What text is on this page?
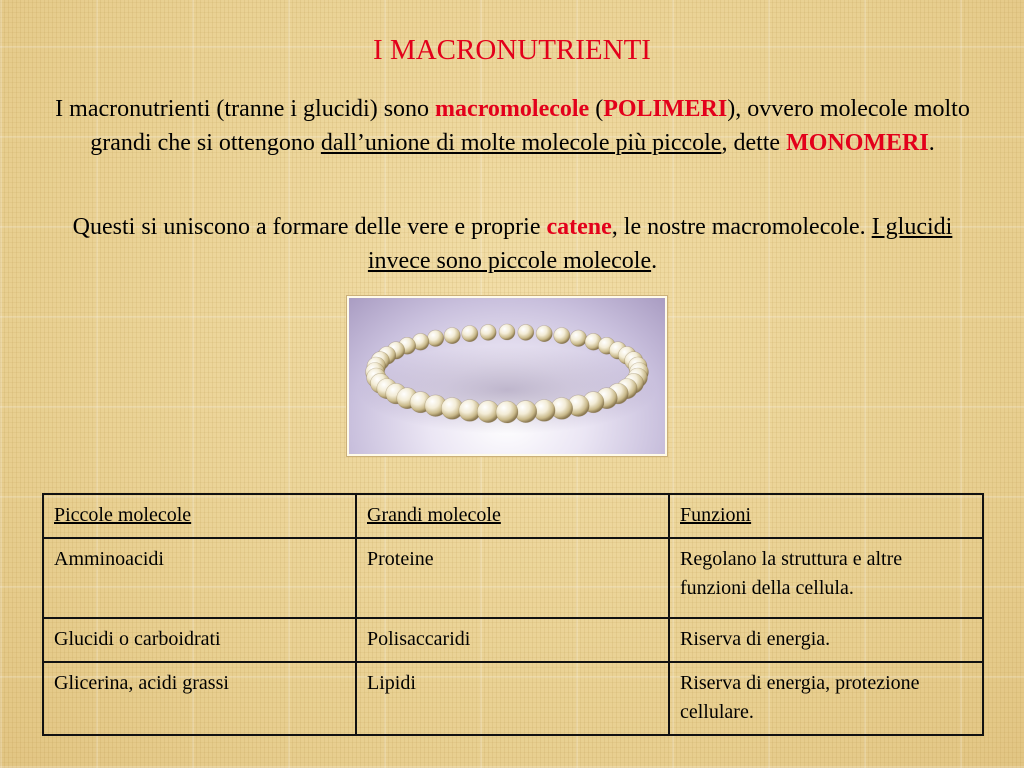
I MACRONUTRIENTI
I macronutrienti (tranne i glucidi) sono macromolecole (POLIMERI), ovvero molecole molto grandi che si ottengono dall’unione di molte molecole più piccole, dette MONOMERI.
Questi si uniscono a formare delle vere e proprie catene, le nostre macromolecole. I glucidi invece sono piccole molecole.
Piccole molecole	Grandi molecole	Funzioni
Amminoacidi	Proteine	Regolano la struttura e altre funzioni della cellula.
Glucidi o carboidrati	Polisaccaridi	Riserva di energia.
Glicerina, acidi grassi	Lipidi	Riserva di energia, protezione cellulare.
